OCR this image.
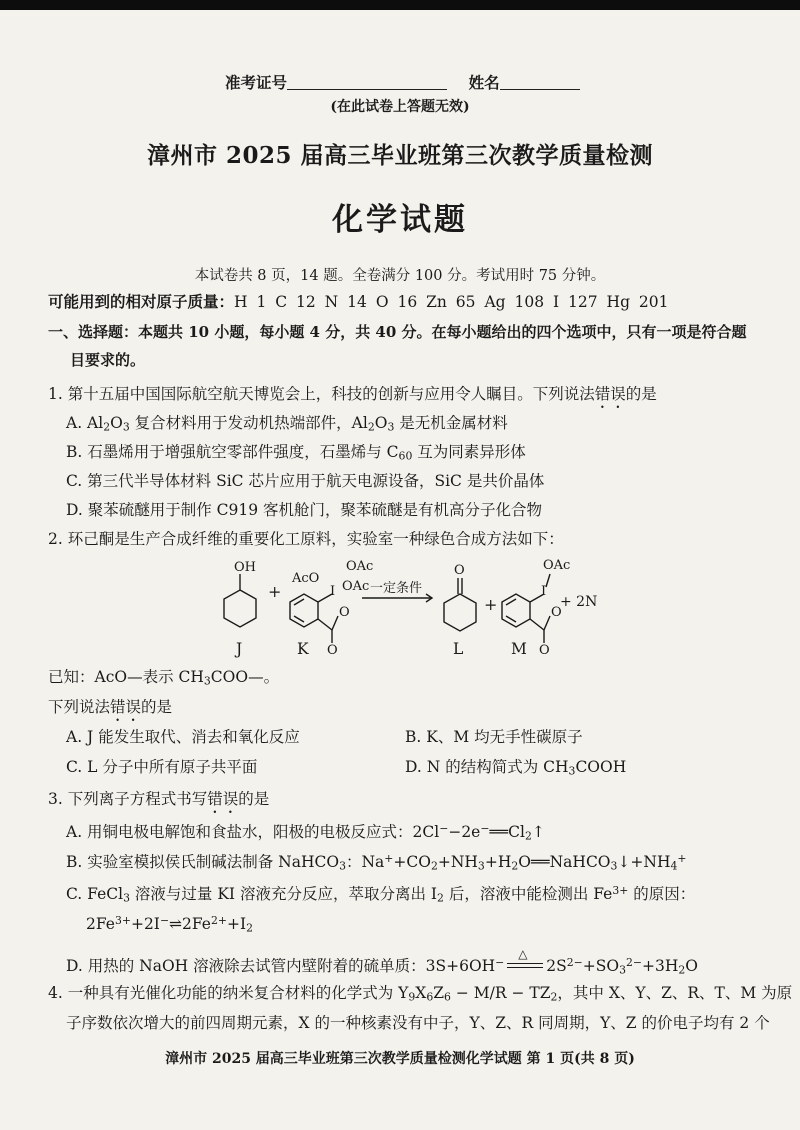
准考证号	姓名
(在此试卷上答题无效)
漳州市 2025 届高三毕业班第三次教学质量检测
化学试题
本试卷共 8 页，14 题。全卷满分 100 分。考试用时 75 分钟。
可能用到的相对原子质量：H 1 C 12 N 14 O 16 Zn 65 Ag 108 I 127 Hg 201
一、选择题：本题共 10 小题，每小题 4 分，共 40 分。在每小题给出的四个选项中，只有一项是符合题
目要求的。
1. 第十五届中国国际航空航天博览会上，科技的创新与应用令人瞩目。下列说法错误的是
A. $Al_2O_3$ 复合材料用于发动机热端部件，$Al_2O_3$ 是无机金属材料
B. 石墨烯用于增强航空零部件强度，石墨烯与 $C_{60}$ 互为同素异形体
C. 第三代半导体材料 SiC 芯片应用于航天电源设备，SiC 是共价晶体
D. 聚苯硫醚用于制作 C919 客机舱门，聚苯硫醚是有机高分子化合物
2. 环己酮是生产合成纤维的重要化工原料，实验室一种绿色合成方法如下：
OH
+
AcO
OAc
OAc
I
O
O
一定条件
O
+
OAc
I
O
O
+ 2N
J	K	L	M
已知：AcO—表示 $CH_3COO—$。
下列说法错误的是
A. J 能发生取代、消去和氧化反应	B. K、M 均无手性碳原子
C. L 分子中所有原子共平面	D. N 的结构简式为 $CH_3COOH$
3. 下列离子方程式书写错误的是
A. 用铜电极电解饱和食盐水，阳极的电极反应式：$2Cl^--2e^-══Cl_2↑$
B. 实验室模拟侯氏制碱法制备 NaHCO$_3$：$Na^++CO_2+NH_3+H_2O══NaHCO_3↓+NH_4^+$
C. FeCl$_3$ 溶液与过量 KI 溶液充分反应，萃取分离出 $I_2$ 后，溶液中能检测出 $Fe^{3+}$ 的原因：
$2Fe^{3+}+2I^-\rightleftharpoons 2Fe^{2+}+I_2$
D. 用热的 NaOH 溶液除去试管内壁附着的硫单质：3S+6OH−
△
$2S^{2-}+SO_3^{2-}+3H_2O$
4. 一种具有光催化功能的纳米复合材料的化学式为 $Y_9X_6Z_6 - M/R - TZ_2$，其中 X、Y、Z、R、T、M 为原
子序数依次增大的前四周期元素，X 的一种核素没有中子，Y、Z、R 同周期，Y、Z 的价电子均有 2 个
漳州市 2025 届高三毕业班第三次教学质量检测化学试题 第 1 页(共 8 页)
